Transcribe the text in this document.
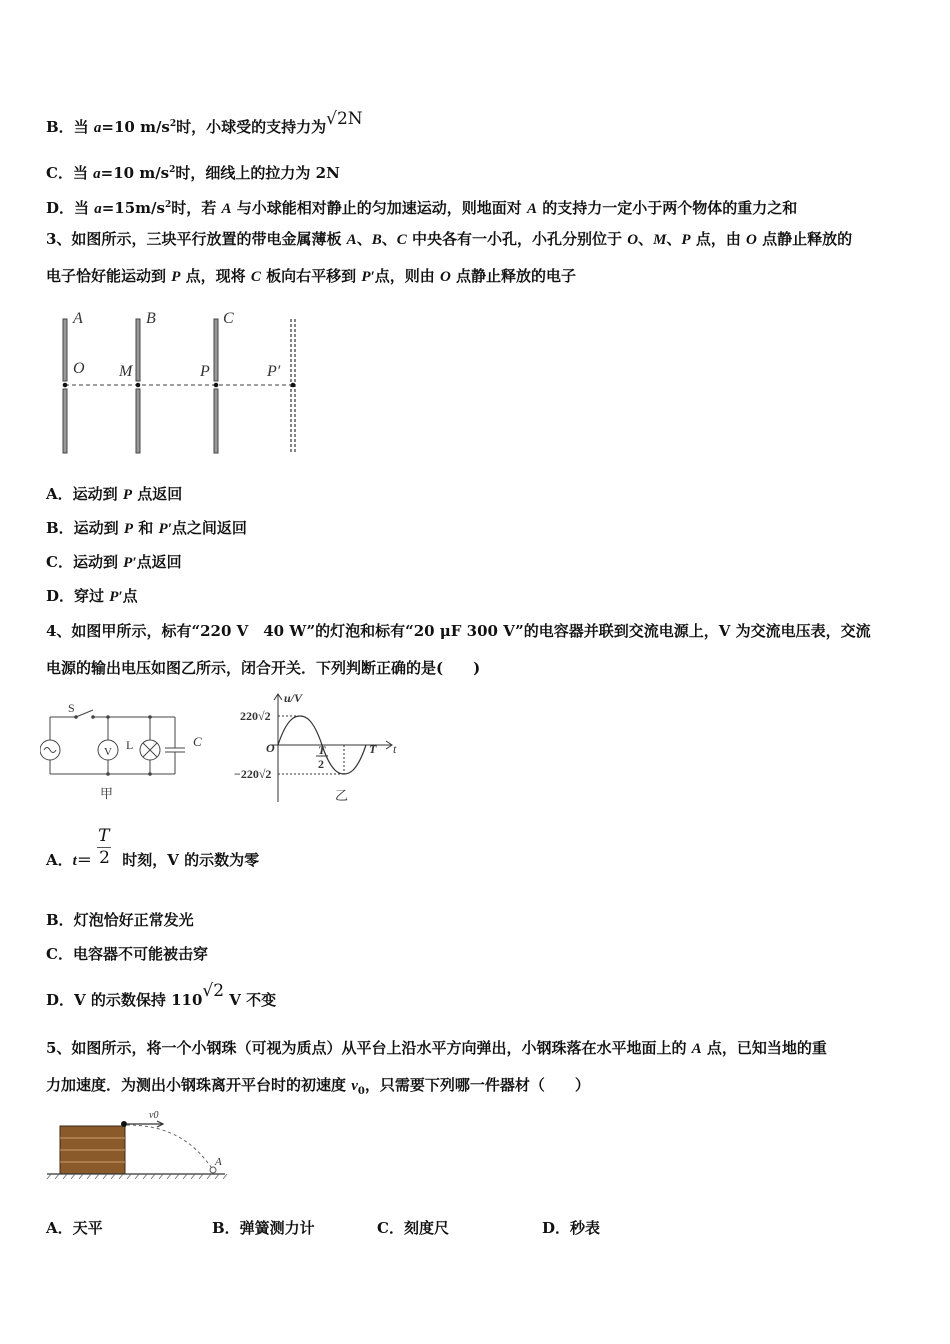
B．当 a=10 $m/s^2$时，小球受的支持力为√2N
C．当 a=10 $m/s^2$时，细线上的拉力为 2N
D．当 $a=15m/s^2$时，若 A 与小球能相对静止的匀加速运动，则地面对 A 的支持力一定小于两个物体的重力之和
3、如图所示，三块平行放置的带电金属薄板 A、B、C 中央各有一小孔，小孔分别位于 O、M、P 点，由 O 点静止释放的
电子恰好能运动到 P 点，现将 C 板向右平移到 P′点，则由 O 点静止释放的电子
A	B	C
O M	P	P′
A．运动到 P 点返回
B．运动到 P 和 P′点之间返回
C．运动到 P′点返回
D．穿过 P′点
4、如图甲所示，标有“220 V　40 W”的灯泡和标有“20 μF 300 V”的电容器并联到交流电源上，V 为交流电压表，交流
电源的输出电压如图乙所示，闭合开关．下列判断正确的是(　　)
S
V L	C
甲
u/V
220√2
−220√2
O	T
2
T t
乙
A．$t= \frac{T}{2}$ 时刻，V 的示数为零
B．灯泡恰好正常发光
C．电容器不可能被击穿
D．V 的示数保持 110√2 V 不变
5、如图所示，将一个小钢珠（可视为质点）从平台上沿水平方向弹出，小钢珠落在水平地面上的 A 点，已知当地的重
力加速度．为测出小钢珠离开平台时的初速度 $v_0$，只需要下列哪一件器材（　　）
v0
A
A．天平	B．弹簧测力计	C．刻度尺	D．秒表
